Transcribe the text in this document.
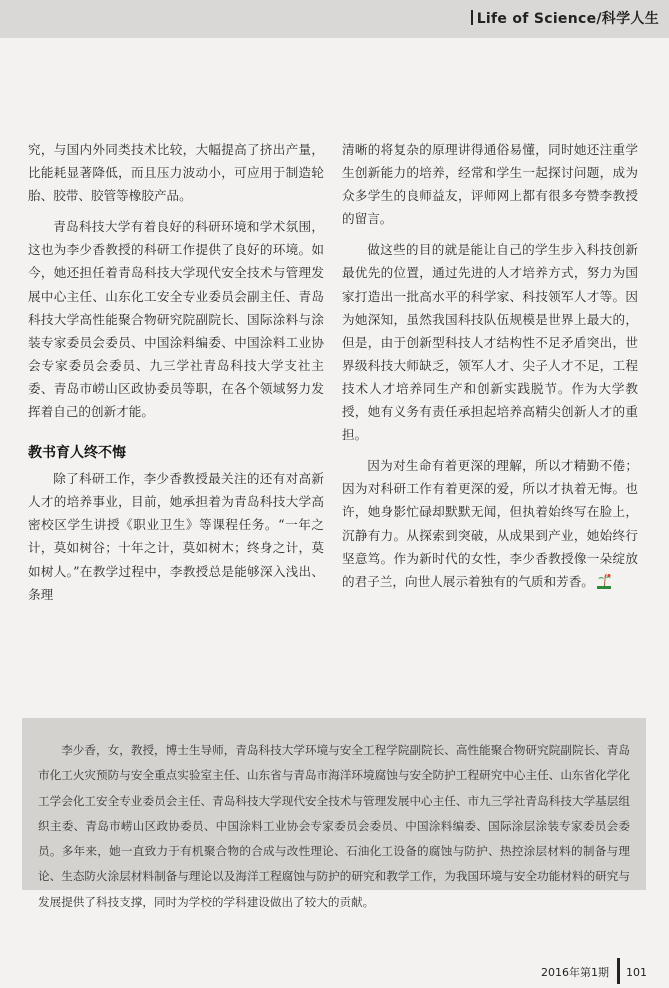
Life of Science/科学人生

究，与国内外同类技术比较，大幅提高了挤出产量，比能耗显著降低，而且压力波动小，可应用于制造轮胎、胶带、胶管等橡胶产品。

青岛科技大学有着良好的科研环境和学术氛围，这也为李少香教授的科研工作提供了良好的环境。如今，她还担任着青岛科技大学现代安全技术与管理发展中心主任、山东化工安全专业委员会副主任、青岛科技大学高性能聚合物研究院副院长、国际涂料与涂装专家委员会委员、中国涂料编委、中国涂料工业协会专家委员会委员、九三学社青岛科技大学支社主委、青岛市崂山区政协委员等职，在各个领域努力发挥着自己的创新才能。

教书育人终不悔

除了科研工作，李少香教授最关注的还有对高新人才的培养事业，目前，她承担着为青岛科技大学高密校区学生讲授《职业卫生》等课程任务。“一年之计，莫如树谷；十年之计，莫如树木；终身之计，莫如树人。”在教学过程中，李教授总是能够深入浅出、条理

清晰的将复杂的原理讲得通俗易懂，同时她还注重学生创新能力的培养，经常和学生一起探讨问题，成为众多学生的良师益友，评师网上都有很多夸赞李教授的留言。

做这些的目的就是能让自己的学生步入科技创新最优先的位置，通过先进的人才培养方式，努力为国家打造出一批高水平的科学家、科技领军人才等。因为她深知，虽然我国科技队伍规模是世界上最大的，但是，由于创新型科技人才结构性不足矛盾突出，世界级科技大师缺乏，领军人才、尖子人才不足，工程技术人才培养同生产和创新实践脱节。作为大学教授，她有义务有责任承担起培养高精尖创新人才的重担。

因为对生命有着更深的理解，所以才精勤不倦；因为对科研工作有着更深的爱，所以才执着无悔。也许，她身影忙碌却默默无闻，但执着始终写在脸上，沉静有力。从探索到突破，从成果到产业，她始终行坚意笃。作为新时代的女性，李少香教授像一朵绽放的君子兰，向世人展示着独有的气质和芳香。

李少香，女，教授，博士生导师，青岛科技大学环境与安全工程学院副院长、高性能聚合物研究院副院长、青岛市化工火灾预防与安全重点实验室主任、山东省与青岛市海洋环境腐蚀与安全防护工程研究中心主任、山东省化学化工学会化工安全专业委员会主任、青岛科技大学现代安全技术与管理发展中心主任、市九三学社青岛科技大学基层组织主委、青岛市崂山区政协委员、中国涂料工业协会专家委员会委员、中国涂料编委、国际涂层涂装专家委员会委员。多年来，她一直致力于有机聚合物的合成与改性理论、石油化工设备的腐蚀与防护、热控涂层材料的制备与理论、生态防火涂层材料制备与理论以及海洋工程腐蚀与防护的研究和教学工作，为我国环境与安全功能材料的研究与发展提供了科技支撑，同时为学校的学科建设做出了较大的贡献。

2016年第1期 101
